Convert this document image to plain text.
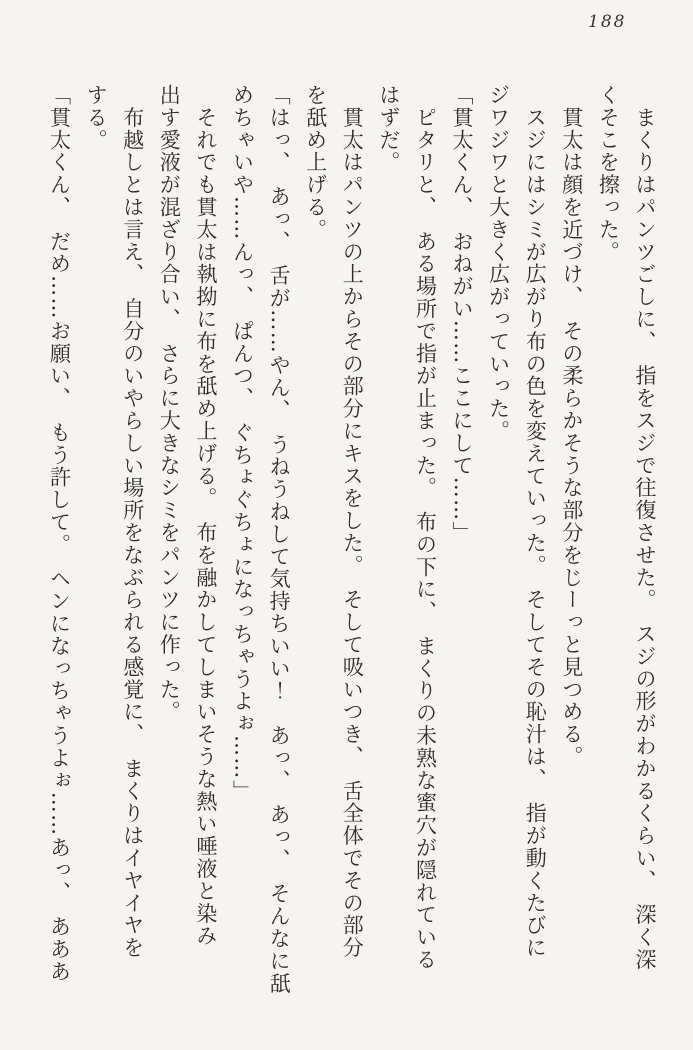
188
　まくりはパンツごしに、　指をスジで往復させた。　スジの形がわかるくらい、　深く深
くそこを擦った。
　貫太は顔を近づけ、　その柔らかそうな部分をじーっと見つめる。
　スジにはシミが広がり布の色を変えていった。　そしてその恥汁は、　指が動くたびに
ジワジワと大きく広がっていった。
「貫太くん、　おねがい……ここにして……」
　ピタリと、　ある場所で指が止まった。　布の下に、　まくりの未熟な蜜穴が隠れている
はずだ。
　貫太はパンツの上からその部分にキスをした。　そして吸いつき、　舌全体でその部分
を舐め上げる。
「はっ、　あっ、　舌が……やん、　うねうねして気持ちいい！　あっ、　あっ、　そんなに舐
めちゃいや……んっ、　ぱんつ、　ぐちょぐちょになっちゃうよぉ……」
　それでも貫太は執拗に布を舐め上げる。　布を融かしてしまいそうな熱い唾液と染み
出す愛液が混ざり合い、　さらに大きなシミをパンツに作った。
　布越しとは言え、　自分のいやらしい場所をなぶられる感覚に、　まくりはイヤイヤを
する。
「貫太くん、　だめ……お願い、　もう許して。　ヘンになっちゃうよぉ……あっ、　あああ
